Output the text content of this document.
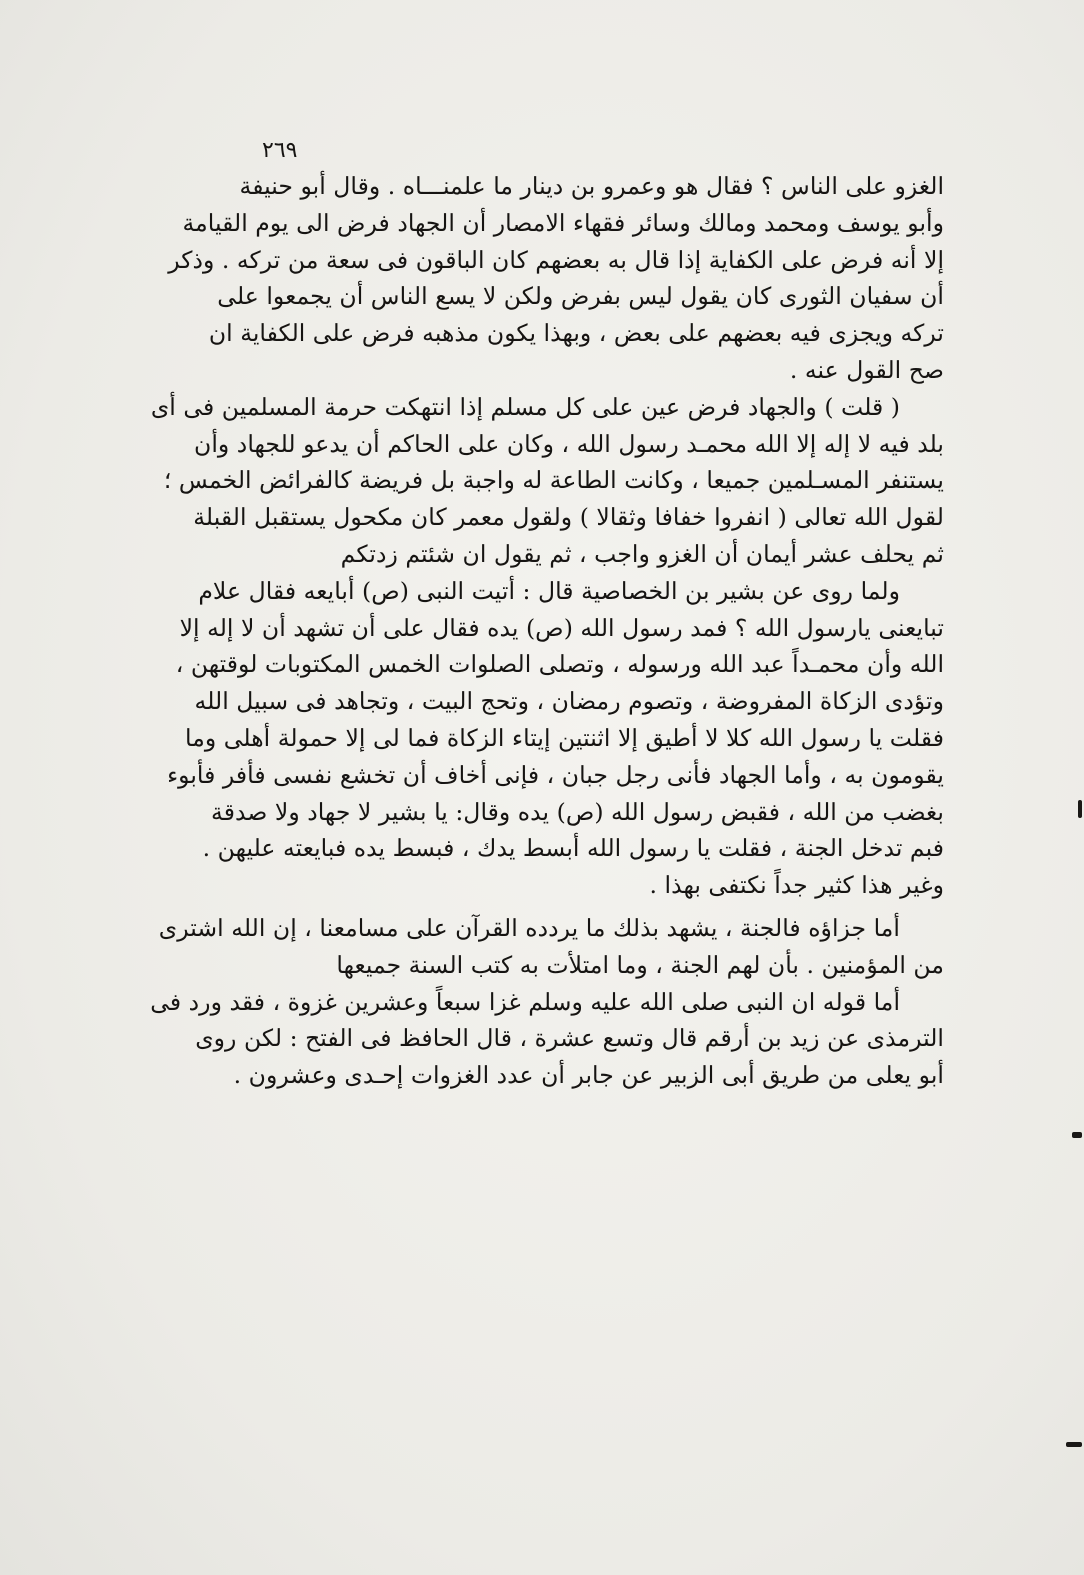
٢٦٩

الغزو على الناس ؟ فقال هو وعمرو بن دينار ما علمنـــاه . وقال أبو حنيفة
وأبو يوسف ومحمد ومالك وسائر فقهاء الامصار أن الجهاد فرض الى يوم القيامة
إلا أنه فرض على الكفاية إذا قال به بعضهم كان الباقون فى سعة من تركه . وذكر
أن سفيان الثورى كان يقول ليس بفرض ولكن لا يسع الناس أن يجمعوا على
تركه ويجزى فيه بعضهم على بعض ، وبهذا يكون مذهبه فرض على الكفاية ان
صح القول عنه .

( قلت ) والجهاد فرض عين على كل مسلم إذا انتهكت حرمة المسلمين فى أى
بلد فيه لا إله إلا الله محمـد رسول الله ، وكان على الحاكم أن يدعو للجهاد وأن
يستنفر المسـلمين جميعا ، وكانت الطاعة له واجبة بل فريضة كالفرائض الخمس ؛
لقول الله تعالى ( انفروا خفافا وثقالا ) ولقول معمر كان مكحول يستقبل القبلة
ثم يحلف عشر أيمان أن الغزو واجب ، ثم يقول ان شئتم زدتكم

ولما روى عن بشير بن الخصاصية قال : أتيت النبى (ص) أبايعه فقال علام
تبايعنى يارسول الله ؟ فمد رسول الله (ص) يده فقال على أن تشهد أن لا إله إلا
الله وأن محمـداً عبد الله ورسوله ، وتصلى الصلوات الخمس المكتوبات لوقتهن ،
وتؤدى الزكاة المفروضة ، وتصوم رمضان ، وتحج البيت ، وتجاهد فى سبيل الله
فقلت يا رسول الله كلا لا أطيق إلا اثنتين إيتاء الزكاة فما لى إلا حمولة أهلى وما
يقومون به ، وأما الجهاد فأنى رجل جبان ، فإنى أخاف أن تخشع نفسى فأفر فأبوء
بغضب من الله ، فقبض رسول الله (ص) يده وقال: يا بشير لا جهاد ولا صدقة
فبم تدخل الجنة ، فقلت يا رسول الله أبسط يدك ، فبسط يده فبايعته عليهن .
وغير هذا كثير جداً نكتفى بهذا .

أما جزاؤه فالجنة ، يشهد بذلك ما يردده القرآن على مسامعنا ، إن الله اشترى
من المؤمنين . بأن لهم الجنة ، وما امتلأت به كتب السنة جميعها

أما قوله ان النبى صلى الله عليه وسلم غزا سبعاً وعشرين غزوة ، فقد ورد فى
الترمذى عن زيد بن أرقم قال وتسع عشرة ، قال الحافظ فى الفتح : لكن روى
أبو يعلى من طريق أبى الزبير عن جابر أن عدد الغزوات إحـدى وعشرون .
